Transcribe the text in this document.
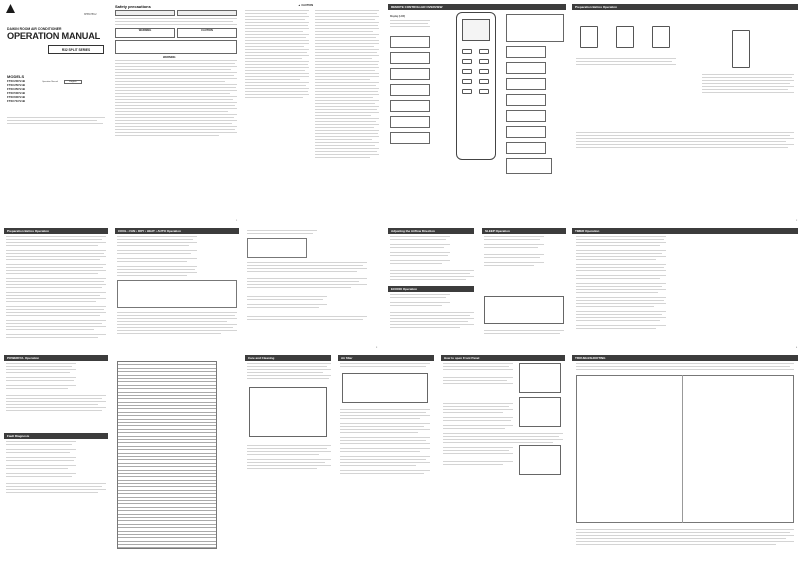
3P581758-2
DAIKIN ROOM AIR CONDITIONER
OPERATION MANUAL
R32 SPLIT SERIES
MODELS
FTXC20CV1B
FTXC25CV1B
FTXC35CV1B
FTXC50CV1B
FTXC60CV1B
FTXC71CV1B
Operation Manual	English
Safety precautions
WARNING	CAUTION
WARNING
▲ CAUTION	REMOTE CONTROLLER OVERVIEW
Display (LCD)
Preparation Before Operation
Preparation Before Operation	COOL • FAN • DRY • HEAT • AUTO Operation	Adjusting the Airflow Direction
ECONO Operation
SLEEP Operation	TIMER Operation
POWERFUL Operation
Fault Diagnosis
Care and Cleaning	Air filter	How to open Front Panel	TROUBLESHOOTING
1	2
3	4
